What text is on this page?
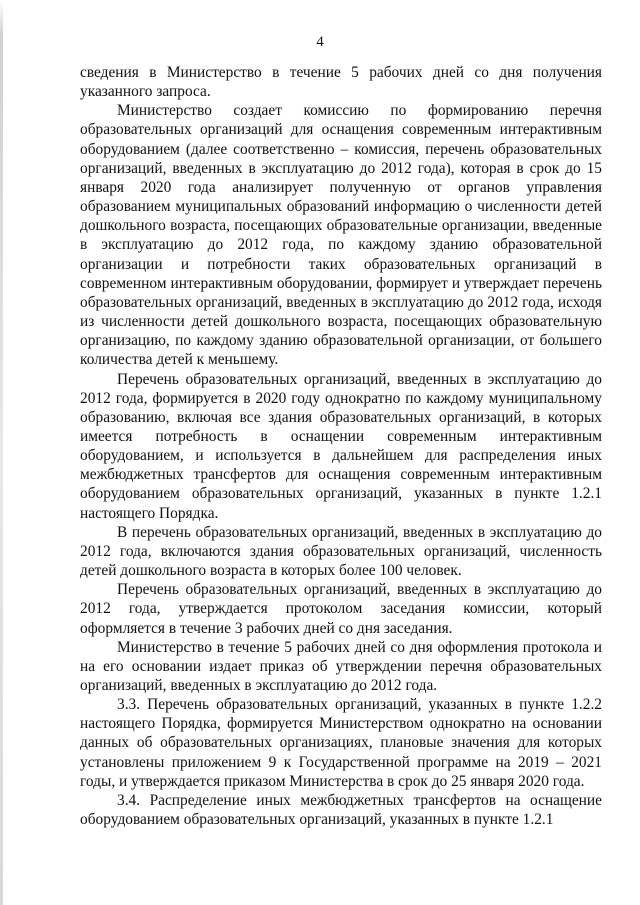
4

сведения в Министерство в течение 5 рабочих дней со дня получения указанного запроса.

Министерство создает комиссию по формированию перечня образовательных организаций для оснащения современным интерактивным оборудованием (далее соответственно – комиссия, перечень образовательных организаций, введенных в эксплуатацию до 2012 года), которая в срок до 15 января 2020 года анализирует полученную от органов управления образованием муниципальных образований информацию о численности детей дошкольного возраста, посещающих образовательные организации, введенные в эксплуатацию до 2012 года, по каждому зданию образовательной организации и потребности таких образовательных организаций в современном интерактивным оборудовании, формирует и утверждает перечень образовательных организаций, введенных в эксплуатацию до 2012 года, исходя из численности детей дошкольного возраста, посещающих образовательную организацию, по каждому зданию образовательной организации, от большего количества детей к меньшему.

Перечень образовательных организаций, введенных в эксплуатацию до 2012 года, формируется в 2020 году однократно по каждому муниципальному образованию, включая все здания образовательных организаций, в которых имеется потребность в оснащении современным интерактивным оборудованием, и используется в дальнейшем для распределения иных межбюджетных трансфертов для оснащения современным интерактивным оборудованием образовательных организаций, указанных в пункте 1.2.1 настоящего Порядка.

В перечень образовательных организаций, введенных в эксплуатацию до 2012 года, включаются здания образовательных организаций, численность детей дошкольного возраста в которых более 100 человек.

Перечень образовательных организаций, введенных в эксплуатацию до 2012 года, утверждается протоколом заседания комиссии, который оформляется в течение 3 рабочих дней со дня заседания.

Министерство в течение 5 рабочих дней со дня оформления протокола и на его основании издает приказ об утверждении перечня образовательных организаций, введенных в эксплуатацию до 2012 года.

3.3. Перечень образовательных организаций, указанных в пункте 1.2.2 настоящего Порядка, формируется Министерством однократно на основании данных об образовательных организациях, плановые значения для которых установлены приложением 9 к Государственной программе на 2019 – 2021 годы, и утверждается приказом Министерства в срок до 25 января 2020 года.

3.4. Распределение иных межбюджетных трансфертов на оснащение оборудованием образовательных организаций, указанных в пункте 1.2.1
